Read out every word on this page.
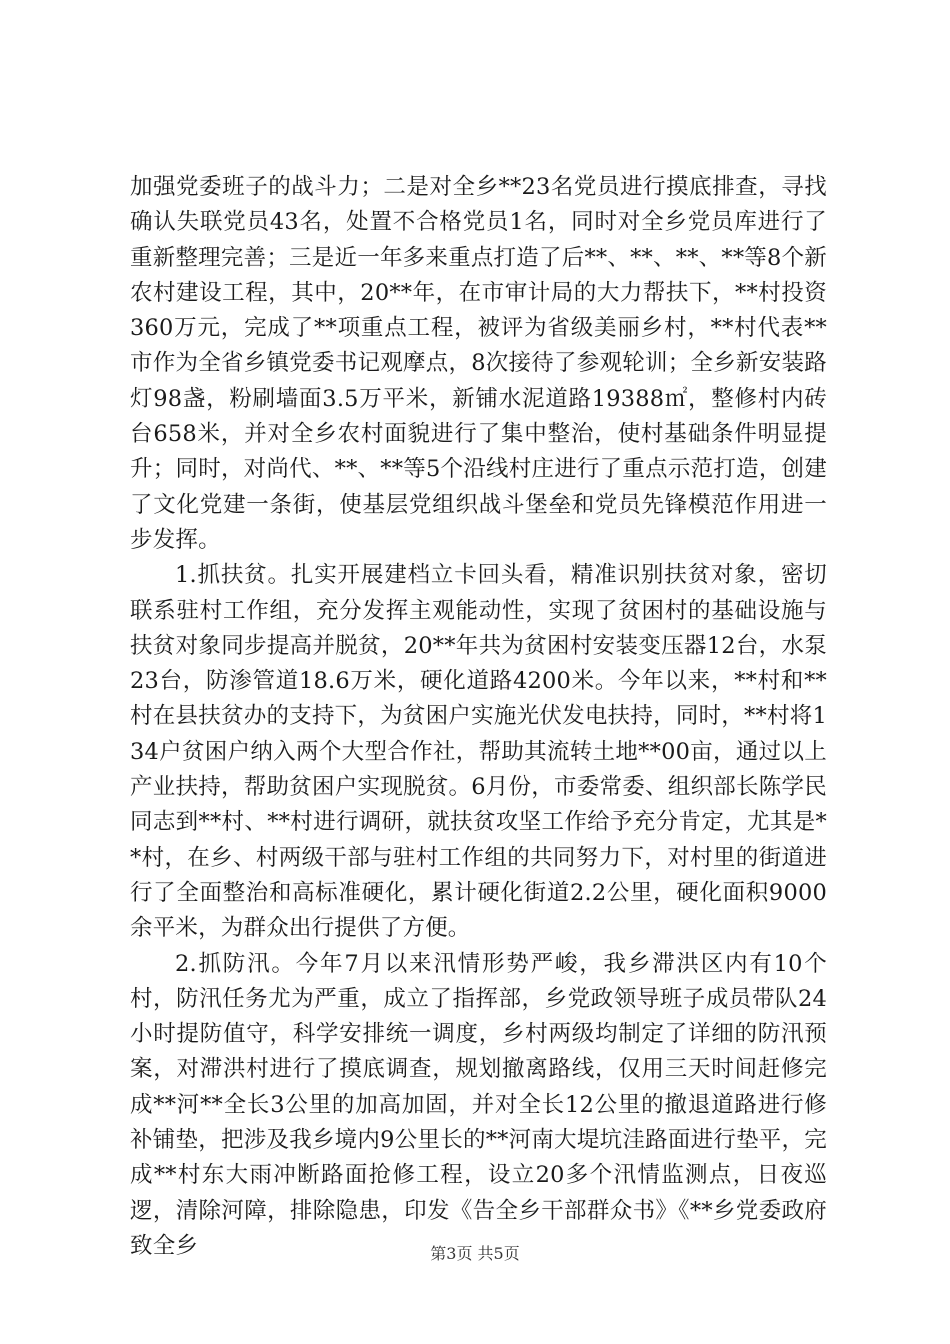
加强党委班子的战斗力；二是对全乡**23名党员进行摸底排查，寻找确认失联党员43名，处置不合格党员1名，同时对全乡党员库进行了重新整理完善；三是近一年多来重点打造了后**、**、**、**等8个新农村建设工程，其中，20**年，在市审计局的大力帮扶下，**村投资360万元，完成了**项重点工程，被评为省级美丽乡村，**村代表**市作为全省乡镇党委书记观摩点，8次接待了参观轮训；全乡新安装路灯98盏，粉刷墙面3.5万平米，新铺水泥道路19388㎡，整修村内砖台658米，并对全乡农村面貌进行了集中整治，使村基础条件明显提升；同时，对尚代、**、**等5个沿线村庄进行了重点示范打造，创建了文化党建一条街，使基层党组织战斗堡垒和党员先锋模范作用进一步发挥。

1.抓扶贫。扎实开展建档立卡回头看，精准识别扶贫对象，密切联系驻村工作组，充分发挥主观能动性，实现了贫困村的基础设施与扶贫对象同步提高并脱贫，20**年共为贫困村安装变压器12台，水泵23台，防渗管道18.6万米，硬化道路4200米。今年以来，**村和**村在县扶贫办的支持下，为贫困户实施光伏发电扶持，同时，**村将134户贫困户纳入两个大型合作社，帮助其流转土地**00亩，通过以上产业扶持，帮助贫困户实现脱贫。6月份，市委常委、组织部长陈学民同志到**村、**村进行调研，就扶贫攻坚工作给予充分肯定，尤其是**村，在乡、村两级干部与驻村工作组的共同努力下，对村里的街道进行了全面整治和高标准硬化，累计硬化街道2.2公里，硬化面积9000余平米，为群众出行提供了方便。

2.抓防汛。今年7月以来汛情形势严峻，我乡滞洪区内有10个村，防汛任务尤为严重，成立了指挥部，乡党政领导班子成员带队24小时提防值守，科学安排统一调度，乡村两级均制定了详细的防汛预案，对滞洪村进行了摸底调查，规划撤离路线，仅用三天时间赶修完成**河**全长3公里的加高加固，并对全长12公里的撤退道路进行修补铺垫，把涉及我乡境内9公里长的**河南大堤坑洼路面进行垫平，完成**村东大雨冲断路面抢修工程，设立20多个汛情监测点，日夜巡逻，清除河障，排除隐患，印发《告全乡干部群众书》《**乡党委政府致全乡	第3页 共5页
